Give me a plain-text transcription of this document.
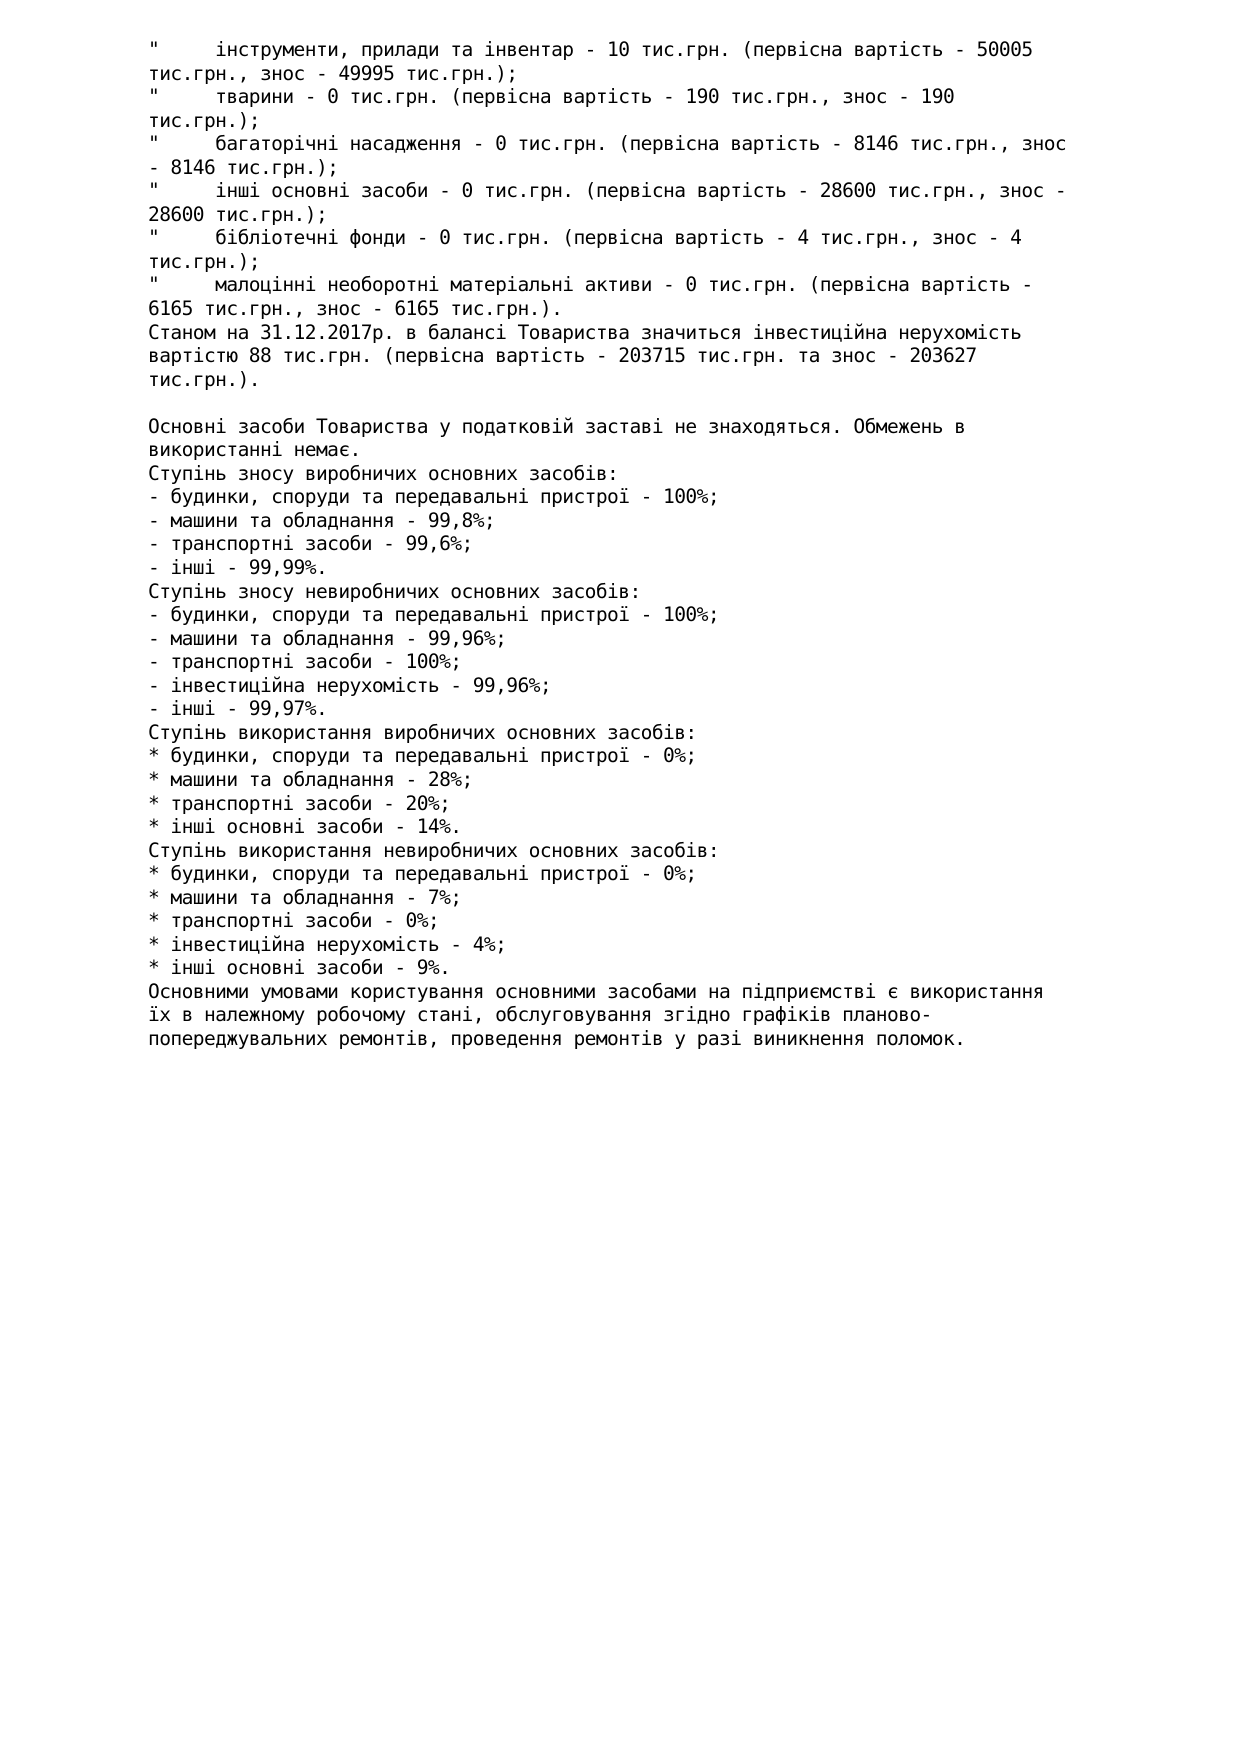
"     інструменти, прилади та інвентар - 10 тис.грн. (первісна вартість - 50005
тис.грн., знос - 49995 тис.грн.);
"     тварини - 0 тис.грн. (первісна вартість - 190 тис.грн., знос - 190
тис.грн.);
"     багаторічні насадження - 0 тис.грн. (первісна вартість - 8146 тис.грн., знос
- 8146 тис.грн.);
"     інші основні засоби - 0 тис.грн. (первісна вартість - 28600 тис.грн., знос -
28600 тис.грн.);
"     бібліотечні фонди - 0 тис.грн. (первісна вартість - 4 тис.грн., знос - 4
тис.грн.);
"     малоцінні необоротні матеріальні активи - 0 тис.грн. (первісна вартість -
6165 тис.грн., знос - 6165 тис.грн.).
Станом на 31.12.2017р. в балансі Товариства значиться інвестиційна нерухомість
вартістю 88 тис.грн. (первісна вартість - 203715 тис.грн. та знос - 203627
тис.грн.).
Основні засоби Товариства у податковій заставі не знаходяться. Обмежень в
використанні немає.
Ступінь зносу виробничих основних засобів:
- будинки, споруди та передавальні пристрої - 100%;
- машини та обладнання - 99,8%;
- транспортні засоби - 99,6%;
- інші - 99,99%.
Ступінь зносу невиробничих основних засобів:
- будинки, споруди та передавальні пристрої - 100%;
- машини та обладнання - 99,96%;
- транспортні засоби - 100%;
- інвестиційна нерухомість - 99,96%;
- інші - 99,97%.
Ступінь використання виробничих основних засобів:
* будинки, споруди та передавальні пристрої - 0%;
* машини та обладнання - 28%;
* транспортні засоби - 20%;
* інші основні засоби - 14%.
Ступінь використання невиробничих основних засобів:
* будинки, споруди та передавальні пристрої - 0%;
* машини та обладнання - 7%;
* транспортні засоби - 0%;
* інвестиційна нерухомість - 4%;
* інші основні засоби - 9%.
Основними умовами користування основними засобами на підприємстві є використання
їх в належному робочому стані, обслуговування згідно графіків планово-
попереджувальних ремонтів, проведення ремонтів у разі виникнення поломок.
